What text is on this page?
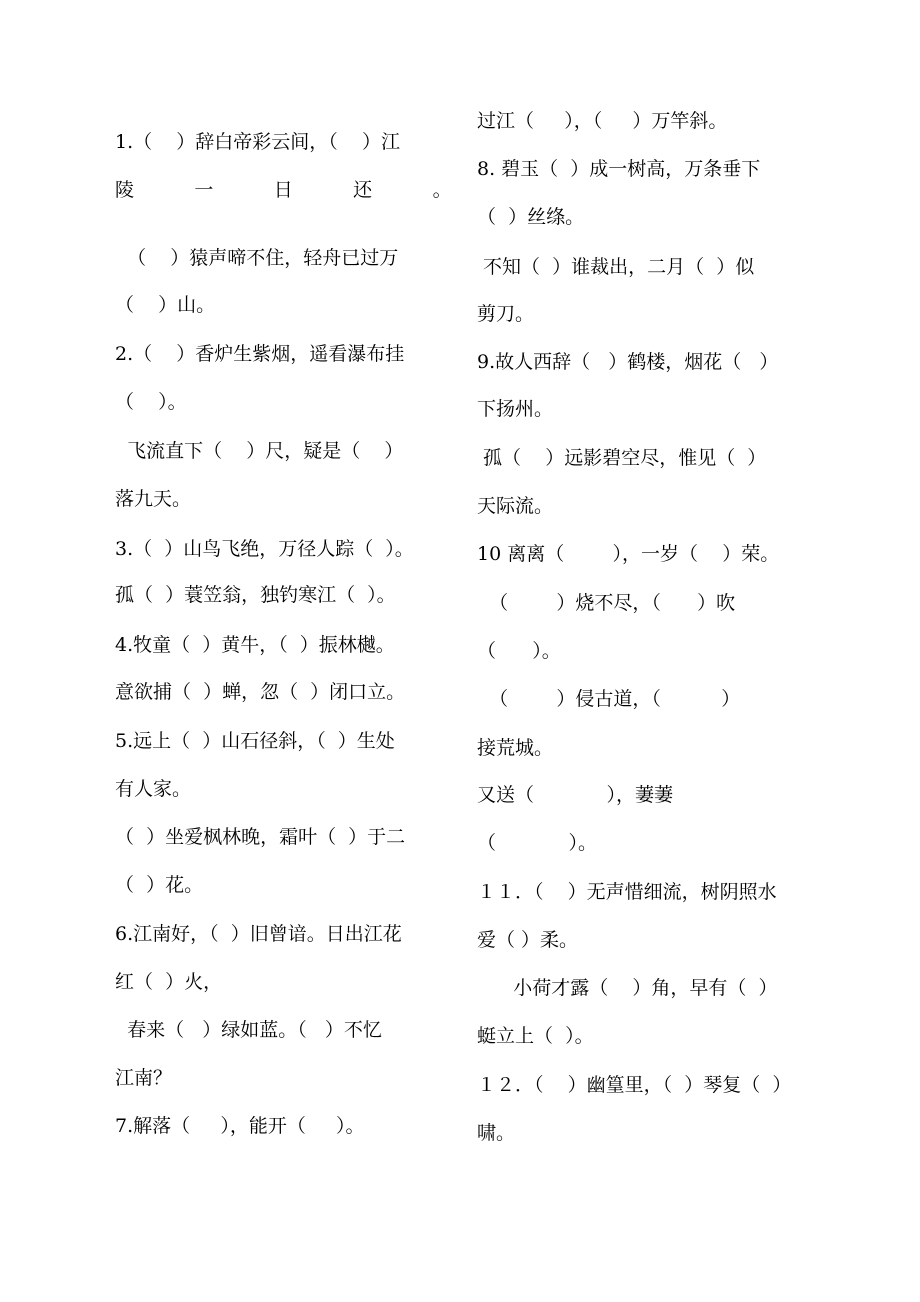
1.（    ）辞白帝彩云间，（    ）江
陵          一          日          还          。
（    ）猿声啼不住，轻舟已过万
（    ）山。
2.（    ）香炉生紫烟，遥看瀑布挂
（    ）。
飞流直下（    ）尺，疑是（    ）
落九天。
3.（  ）山鸟飞绝，万径人踪（  ）。
孤（  ）蓑笠翁，独钓寒江（  ）。
4.牧童（  ）黄牛，（  ）振林樾。
意欲捕（  ）蝉，忽（  ）闭口立。
5.远上（  ）山石径斜，（  ）生处
有人家。
（  ）坐爱枫林晚，霜叶（  ）于二
（  ）花。
6.江南好，（  ）旧曾谙。日出江花
红（  ）火，
春来（   ）绿如蓝。（   ）不忆
江南？
7.解落（     ），能开（     ）。
过江（     ），（     ）万竿斜。
8. 碧玉（  ）成一树高，万条垂下
（  ）丝绦。
不知（  ）谁裁出，二月（  ）似
剪刀。
9.故人西辞（   ）鹤楼，烟花（   ）
下扬州。
孤（    ）远影碧空尽，惟见（  ）
天际流。
10 离离（        ），一岁（    ）荣。
（        ）烧不尽，（      ）吹
（      ）。
（        ）侵古道，（          ）
接荒城。
又送（            ），萋萋
（            ）。
１１．（    ）无声惜细流，树阴照水
爱（ ）柔。
小荷才露（    ）角，早有（  ）
蜓立上（  ）。
１２．（    ）幽篁里，（  ）琴复（  ）
啸。
